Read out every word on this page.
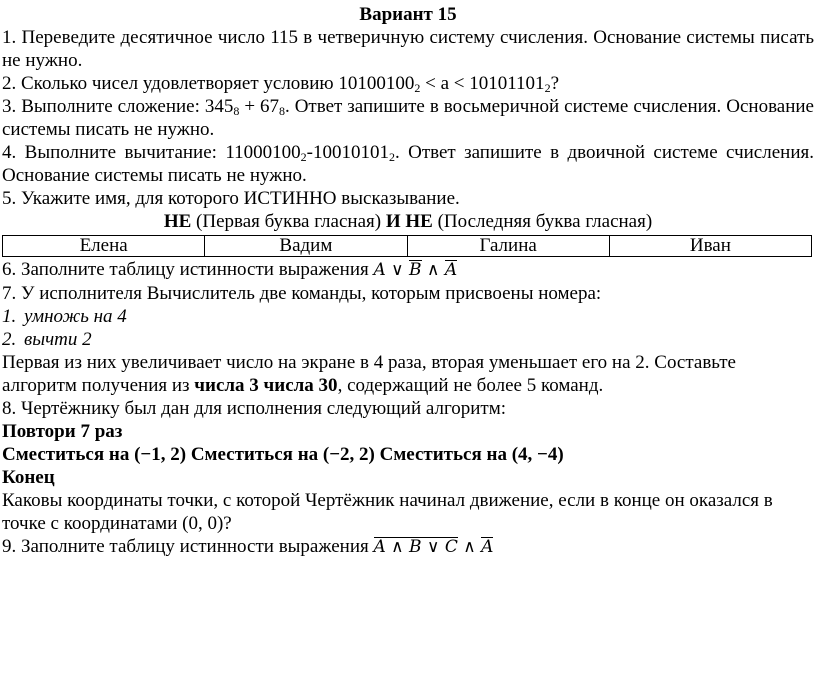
Вариант 15

1. Переведите десятичное число 115 в четверичную систему счисления. Основание системы писать не нужно.

2. Сколько чисел удовлетворяет условию $10100100_2 < a < 10101101_2$?

3. Выполните сложение: $345_8 + 67_8$. Ответ запишите в восьмеричной системе счисления. Основание системы писать не нужно.

4. Выполните вычитание: $11000100_2-10010101_2$. Ответ запишите в двоичной системе счисления. Основание системы писать не нужно.

5. Укажите имя, для которого ИСТИННО высказывание.

НЕ (Первая буква гласная) И НЕ (Последняя буква гласная)

Елена	Вадим	Галина	Иван

6. Заполните таблицу истинности выражения A ∨ B ∧ A

7. У исполнителя Вычислитель две команды, которым присвоены номера:

1. умножь на 4

2. вычти 2

Первая из них увеличивает число на экране в 4 раза, вторая уменьшает его на 2. Составьте алгоритм получения из числа 3 числа 30, содержащий не более 5 команд.

8. Чертёжнику был дан для исполнения следующий алгоритм:

Повтори 7 раз

Сместиться на (−1, 2) Сместиться на (−2, 2) Сместиться на (4, −4)

Конец

Каковы координаты точки, с которой Чертёжник начинал движение, если в конце он оказался в точке с координатами (0, 0)?

9. Заполните таблицу истинности выражения A ∧ B ∨ C ∧ A
